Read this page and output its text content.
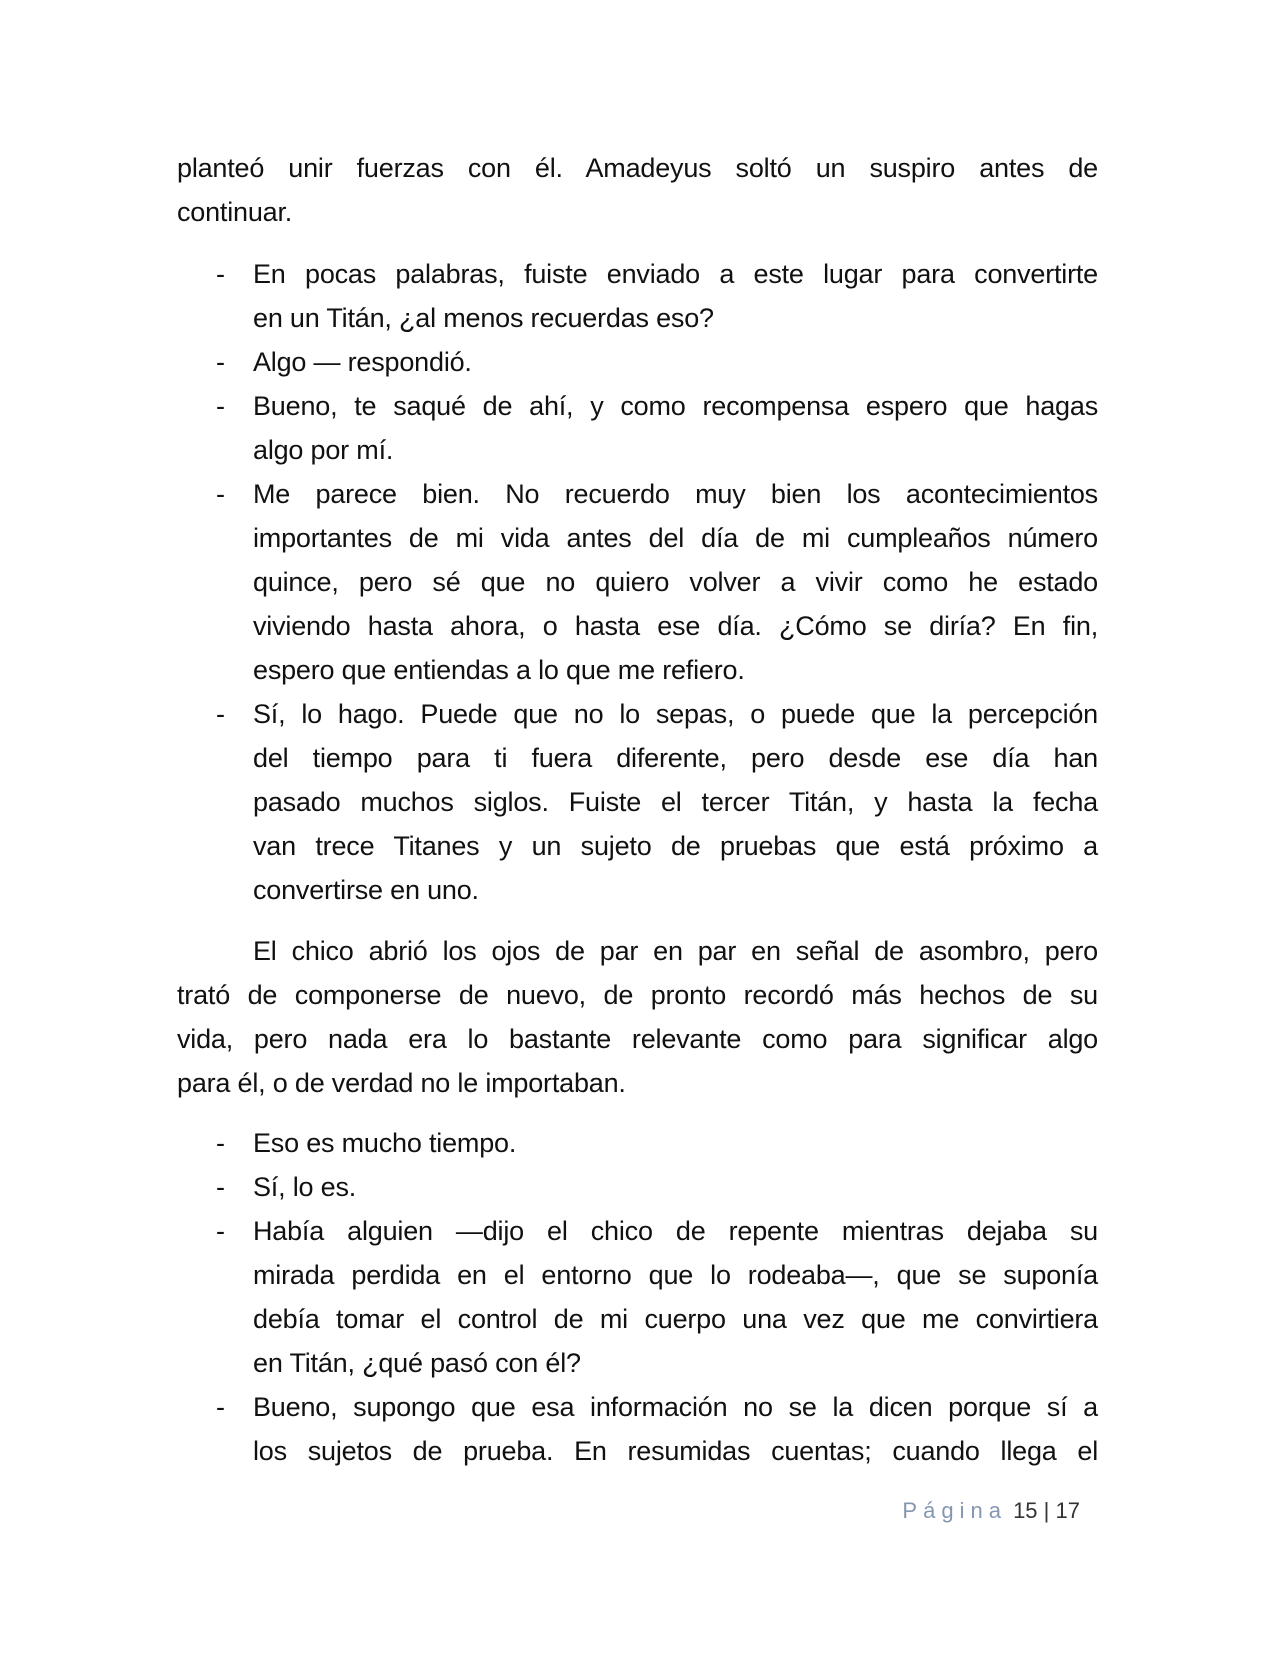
planteó unir fuerzas con él. Amadeyus soltó un suspiro antes de
continuar.
- En pocas palabras, fuiste enviado a este lugar para convertirte
en un Titán, ¿al menos recuerdas eso?
- Algo — respondió.
- Bueno, te saqué de ahí, y como recompensa espero que hagas
algo por mí.
- Me parece bien. No recuerdo muy bien los acontecimientos
importantes de mi vida antes del día de mi cumpleaños número
quince, pero sé que no quiero volver a vivir como he estado
viviendo hasta ahora, o hasta ese día. ¿Cómo se diría? En fin,
espero que entiendas a lo que me refiero.
- Sí, lo hago. Puede que no lo sepas, o puede que la percepción
del tiempo para ti fuera diferente, pero desde ese día han
pasado muchos siglos. Fuiste el tercer Titán, y hasta la fecha
van trece Titanes y un sujeto de pruebas que está próximo a
convertirse en uno.
El chico abrió los ojos de par en par en señal de asombro, pero
trató de componerse de nuevo, de pronto recordó más hechos de su
vida, pero nada era lo bastante relevante como para significar algo
para él, o de verdad no le importaban.
- Eso es mucho tiempo.
- Sí, lo es.
- Había alguien —dijo el chico de repente mientras dejaba su
mirada perdida en el entorno que lo rodeaba—, que se suponía
debía tomar el control de mi cuerpo una vez que me convirtiera
en Titán, ¿qué pasó con él?
- Bueno, supongo que esa información no se la dicen porque sí a
los sujetos de prueba. En resumidas cuentas; cuando llega el
Página 15 | 17
